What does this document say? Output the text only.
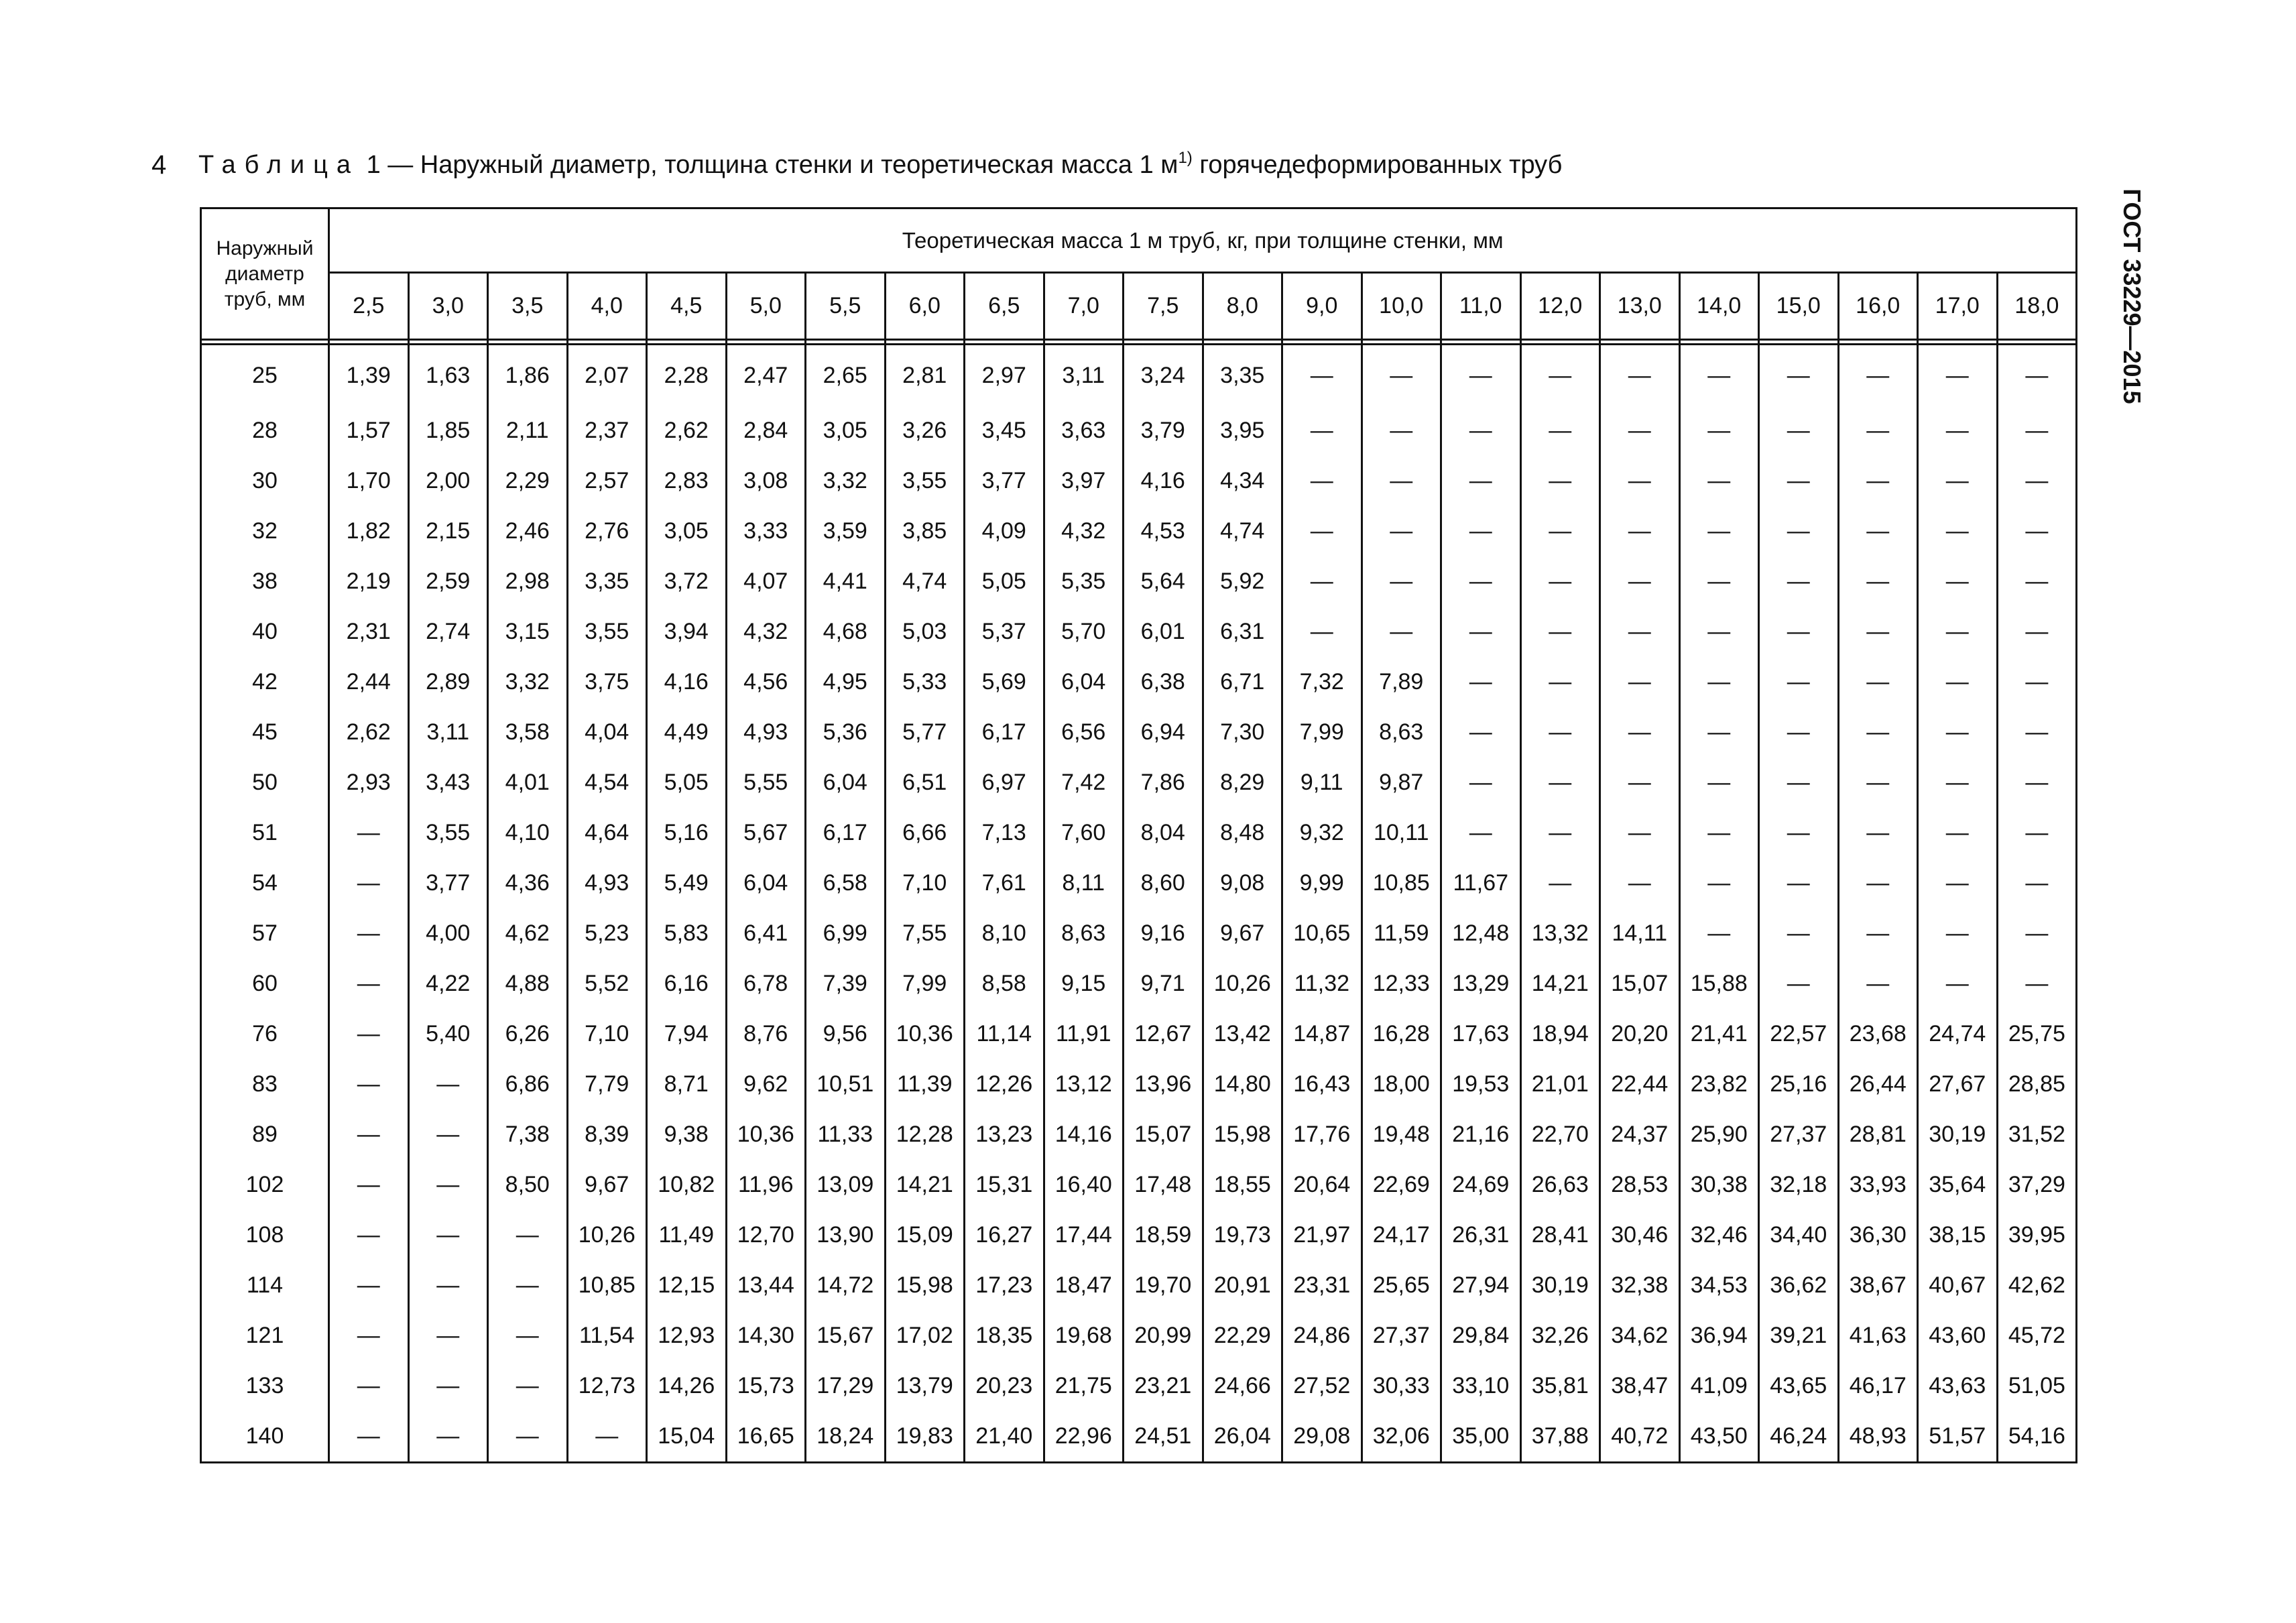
4 Таблица 1 — Наружный диаметр, толщина стенки и теоретическая масса 1 $м^{1)}$ горячедеформированных труб
ГОСТ 33229—2015
Наружный диаметр труб, мм	Теоретическая масса 1 м труб, кг, при толщине стенки, мм																					
	2,5	3,0	3,5	4,0	4,5	5,0	5,5	6,0	6,5	7,0	7,5	8,0	9,0	10,0	11,0	12,0	13,0	14,0	15,0	16,0	17,0	18,0

25	1,39	1,63	1,86	2,07	2,28	2,47	2,65	2,81	2,97	3,11	3,24	3,35	—	—	—	—	—	—	—	—	—	—
28	1,57	1,85	2,11	2,37	2,62	2,84	3,05	3,26	3,45	3,63	3,79	3,95	—	—	—	—	—	—	—	—	—	—
30	1,70	2,00	2,29	2,57	2,83	3,08	3,32	3,55	3,77	3,97	4,16	4,34	—	—	—	—	—	—	—	—	—	—
32	1,82	2,15	2,46	2,76	3,05	3,33	3,59	3,85	4,09	4,32	4,53	4,74	—	—	—	—	—	—	—	—	—	—
38	2,19	2,59	2,98	3,35	3,72	4,07	4,41	4,74	5,05	5,35	5,64	5,92	—	—	—	—	—	—	—	—	—	—
40	2,31	2,74	3,15	3,55	3,94	4,32	4,68	5,03	5,37	5,70	6,01	6,31	—	—	—	—	—	—	—	—	—	—
42	2,44	2,89	3,32	3,75	4,16	4,56	4,95	5,33	5,69	6,04	6,38	6,71	7,32	7,89	—	—	—	—	—	—	—	—
45	2,62	3,11	3,58	4,04	4,49	4,93	5,36	5,77	6,17	6,56	6,94	7,30	7,99	8,63	—	—	—	—	—	—	—	—
50	2,93	3,43	4,01	4,54	5,05	5,55	6,04	6,51	6,97	7,42	7,86	8,29	9,11	9,87	—	—	—	—	—	—	—	—
51	—	3,55	4,10	4,64	5,16	5,67	6,17	6,66	7,13	7,60	8,04	8,48	9,32	10,11	—	—	—	—	—	—	—	—
54	—	3,77	4,36	4,93	5,49	6,04	6,58	7,10	7,61	8,11	8,60	9,08	9,99	10,85	11,67	—	—	—	—	—	—	—
57	—	4,00	4,62	5,23	5,83	6,41	6,99	7,55	8,10	8,63	9,16	9,67	10,65	11,59	12,48	13,32	14,11	—	—	—	—	—
60	—	4,22	4,88	5,52	6,16	6,78	7,39	7,99	8,58	9,15	9,71	10,26	11,32	12,33	13,29	14,21	15,07	15,88	—	—	—	—
76	—	5,40	6,26	7,10	7,94	8,76	9,56	10,36	11,14	11,91	12,67	13,42	14,87	16,28	17,63	18,94	20,20	21,41	22,57	23,68	24,74	25,75
83	—	—	6,86	7,79	8,71	9,62	10,51	11,39	12,26	13,12	13,96	14,80	16,43	18,00	19,53	21,01	22,44	23,82	25,16	26,44	27,67	28,85
89	—	—	7,38	8,39	9,38	10,36	11,33	12,28	13,23	14,16	15,07	15,98	17,76	19,48	21,16	22,70	24,37	25,90	27,37	28,81	30,19	31,52
102	—	—	8,50	9,67	10,82	11,96	13,09	14,21	15,31	16,40	17,48	18,55	20,64	22,69	24,69	26,63	28,53	30,38	32,18	33,93	35,64	37,29
108	—	—	—	10,26	11,49	12,70	13,90	15,09	16,27	17,44	18,59	19,73	21,97	24,17	26,31	28,41	30,46	32,46	34,40	36,30	38,15	39,95
114	—	—	—	10,85	12,15	13,44	14,72	15,98	17,23	18,47	19,70	20,91	23,31	25,65	27,94	30,19	32,38	34,53	36,62	38,67	40,67	42,62
121	—	—	—	11,54	12,93	14,30	15,67	17,02	18,35	19,68	20,99	22,29	24,86	27,37	29,84	32,26	34,62	36,94	39,21	41,63	43,60	45,72
133	—	—	—	12,73	14,26	15,73	17,29	13,79	20,23	21,75	23,21	24,66	27,52	30,33	33,10	35,81	38,47	41,09	43,65	46,17	43,63	51,05
140	—	—	—	—	15,04	16,65	18,24	19,83	21,40	22,96	24,51	26,04	29,08	32,06	35,00	37,88	40,72	43,50	46,24	48,93	51,57	54,16
